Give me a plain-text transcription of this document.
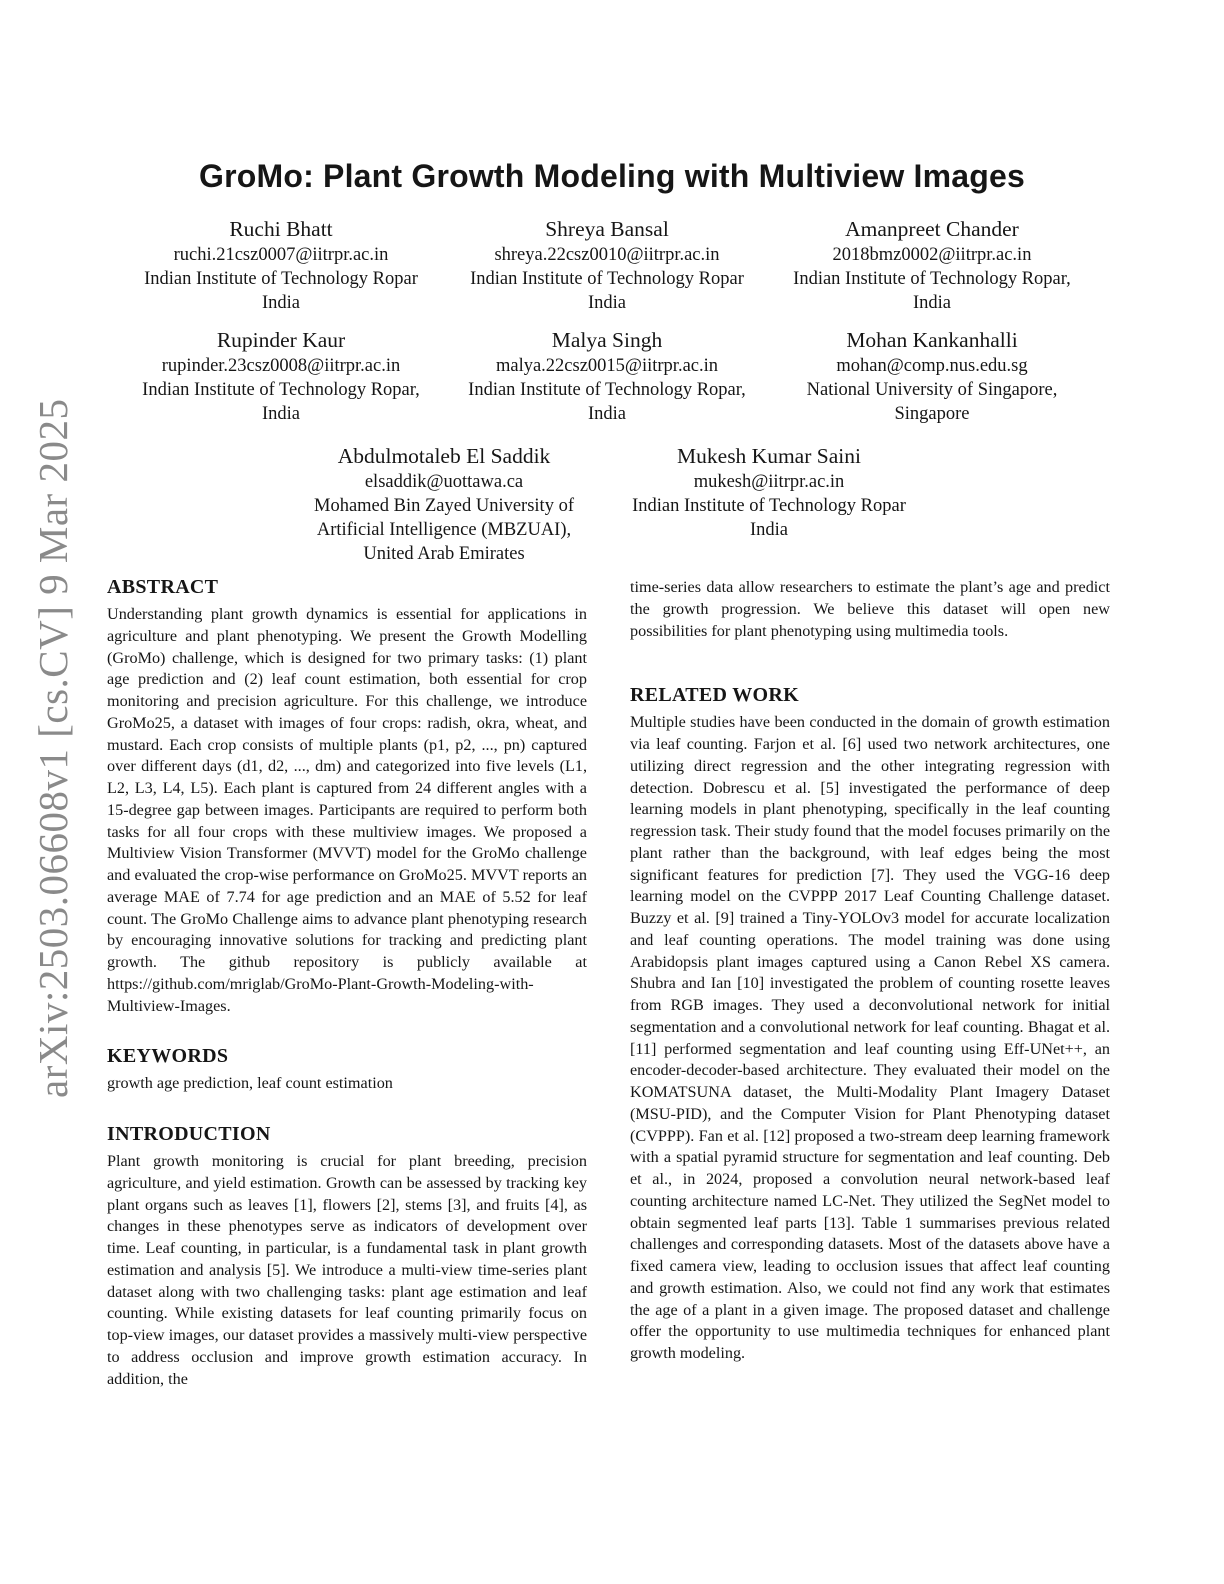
arXiv:2503.06608v1 [cs.CV] 9 Mar 2025
GroMo: Plant Growth Modeling with Multiview Images
Ruchi Bhatt
ruchi.21csz0007@iitrpr.ac.in
Indian Institute of Technology Ropar
India
Shreya Bansal
shreya.22csz0010@iitrpr.ac.in
Indian Institute of Technology Ropar
India
Amanpreet Chander
2018bmz0002@iitrpr.ac.in
Indian Institute of Technology Ropar,
India
Rupinder Kaur
rupinder.23csz0008@iitrpr.ac.in
Indian Institute of Technology Ropar,
India
Malya Singh
malya.22csz0015@iitrpr.ac.in
Indian Institute of Technology Ropar,
India
Mohan Kankanhalli
mohan@comp.nus.edu.sg
National University of Singapore,
Singapore
Abdulmotaleb El Saddik
elsaddik@uottawa.ca
Mohamed Bin Zayed University of
Artificial Intelligence (MBZUAI),
United Arab Emirates
Mukesh Kumar Saini
mukesh@iitrpr.ac.in
Indian Institute of Technology Ropar
India
ABSTRACT

Understanding plant growth dynamics is essential for applications in agriculture and plant phenotyping. We present the Growth Modelling (GroMo) challenge, which is designed for two primary tasks: (1) plant age prediction and (2) leaf count estimation, both essential for crop monitoring and precision agriculture. For this challenge, we introduce GroMo25, a dataset with images of four crops: radish, okra, wheat, and mustard. Each crop consists of multiple plants (p1, p2, ..., pn) captured over different days (d1, d2, ..., dm) and categorized into five levels (L1, L2, L3, L4, L5). Each plant is captured from 24 different angles with a 15-degree gap between images. Participants are required to perform both tasks for all four crops with these multiview images. We proposed a Multiview Vision Transformer (MVVT) model for the GroMo challenge and evaluated the crop-wise performance on GroMo25. MVVT reports an average MAE of 7.74 for age prediction and an MAE of 5.52 for leaf count. The GroMo Challenge aims to advance plant phenotyping research by encouraging innovative solutions for tracking and predicting plant growth. The github repository is publicly available at https://github.com/mriglab/GroMo-Plant-Growth-Modeling-with-Multiview-Images.

KEYWORDS

growth age prediction, leaf count estimation

INTRODUCTION

Plant growth monitoring is crucial for plant breeding, precision agriculture, and yield estimation. Growth can be assessed by tracking key plant organs such as leaves [1], flowers [2], stems [3], and fruits [4], as changes in these phenotypes serve as indicators of development over time. Leaf counting, in particular, is a fundamental task in plant growth estimation and analysis [5]. We introduce a multi-view time-series plant dataset along with two challenging tasks: plant age estimation and leaf counting. While existing datasets for leaf counting primarily focus on top-view images, our dataset provides a massively multi-view perspective to address occlusion and improve growth estimation accuracy. In addition, the

time-series data allow researchers to estimate the plant’s age and predict the growth progression. We believe this dataset will open new possibilities for plant phenotyping using multimedia tools.

RELATED WORK

Multiple studies have been conducted in the domain of growth estimation via leaf counting. Farjon et al. [6] used two network architectures, one utilizing direct regression and the other integrating regression with detection. Dobrescu et al. [5] investigated the performance of deep learning models in plant phenotyping, specifically in the leaf counting regression task. Their study found that the model focuses primarily on the plant rather than the background, with leaf edges being the most significant features for prediction [7]. They used the VGG-16 deep learning model on the CVPPP 2017 Leaf Counting Challenge dataset. Buzzy et al. [9] trained a Tiny-YOLOv3 model for accurate localization and leaf counting operations. The model training was done using Arabidopsis plant images captured using a Canon Rebel XS camera. Shubra and Ian [10] investigated the problem of counting rosette leaves from RGB images. They used a deconvolutional network for initial segmentation and a convolutional network for leaf counting. Bhagat et al. [11] performed segmentation and leaf counting using Eff-UNet++, an encoder-decoder-based architecture. They evaluated their model on the KOMATSUNA dataset, the Multi-Modality Plant Imagery Dataset (MSU-PID), and the Computer Vision for Plant Phenotyping dataset (CVPPP). Fan et al. [12] proposed a two-stream deep learning framework with a spatial pyramid structure for segmentation and leaf counting. Deb et al., in 2024, proposed a convolution neural network-based leaf counting architecture named LC-Net. They utilized the SegNet model to obtain segmented leaf parts [13]. Table 1 summarises previous related challenges and corresponding datasets. Most of the datasets above have a fixed camera view, leading to occlusion issues that affect leaf counting and growth estimation. Also, we could not find any work that estimates the age of a plant in a given image. The proposed dataset and challenge offer the opportunity to use multimedia techniques for enhanced plant growth modeling.
